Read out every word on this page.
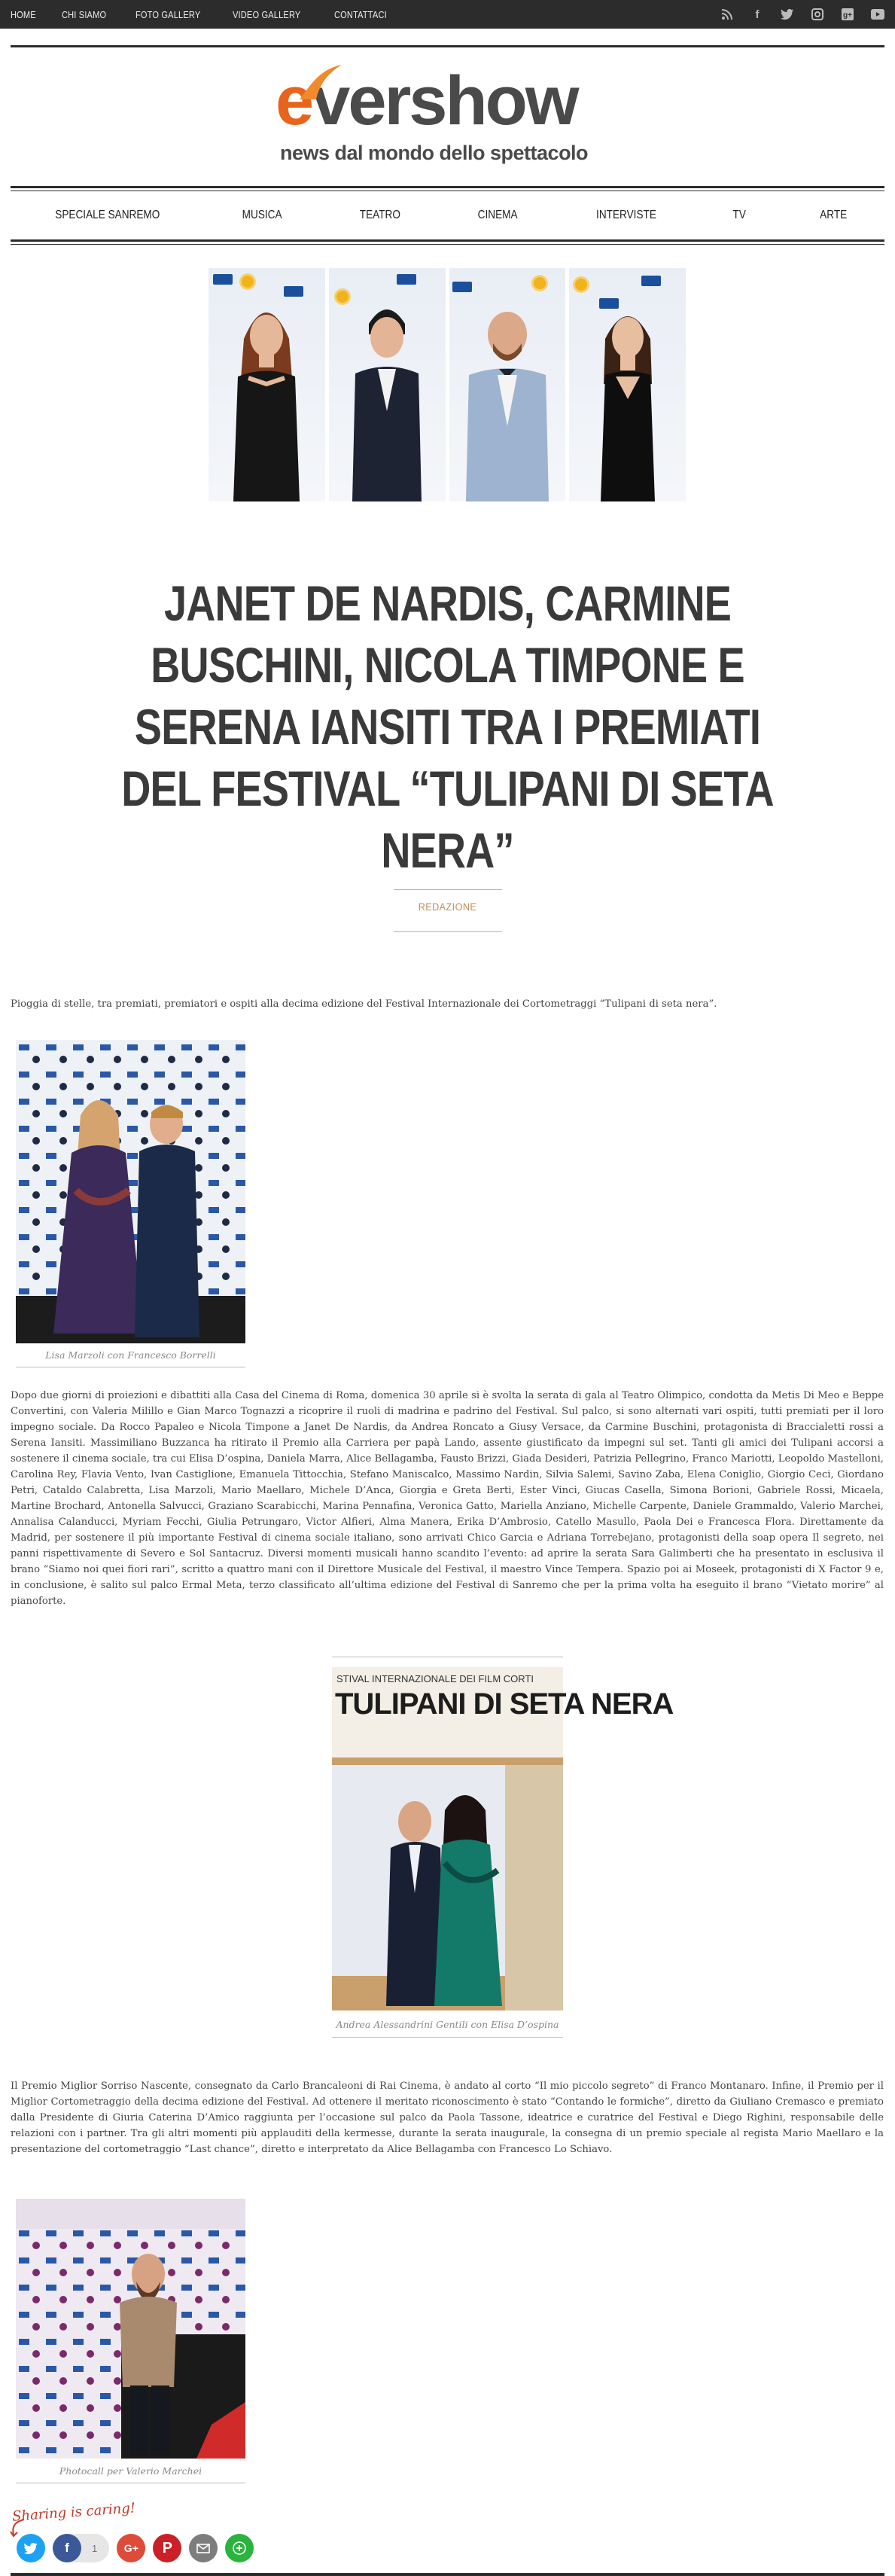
HOME	CHI SIAMO	FOTO GALLERY	VIDEO GALLERY	CONTATTACI	f	g+
evershow
news dal mondo dello spettacolo
SPECIALE SANREMO	MUSICA	TEATRO	CINEMA	INTERVISTE	TV	ARTE
JANET DE NARDIS, CARMINE BUSCHINI, NICOLA TIMPONE E SERENA IANSITI TRA I PREMIATI DEL FESTIVAL “TULIPANI DI SETA NERA”
REDAZIONE

Pioggia di stelle, tra premiati, premiatori e ospiti alla decima edizione del Festival Internazionale dei Cortometraggi “Tulipani di seta nera”.

Lisa Marzoli con Francesco Borrelli

Dopo due giorni di proiezioni e dibattiti alla Casa del Cinema di Roma, domenica 30 aprile si è svolta la serata di gala al Teatro Olimpico, condotta da Metis Di Meo e Beppe Convertini, con Valeria Milillo e Gian Marco Tognazzi a ricoprire il ruoli di madrina e padrino del Festival. Sul palco, si sono alternati vari ospiti, tutti premiati per il loro impegno sociale. Da Rocco Papaleo e Nicola Timpone a Janet De Nardis, da Andrea Roncato a Giusy Versace, da Carmine Buschini, protagonista di Braccialetti rossi a Serena Iansiti. Massimiliano Buzzanca ha ritirato il Premio alla Carriera per papà Lando, assente giustificato da impegni sul set. Tanti gli amici dei Tulipani accorsi a sostenere il cinema sociale, tra cui Elisa D’ospina, Daniela Marra, Alice Bellagamba, Fausto Brizzi, Giada Desideri, Patrizia Pellegrino, Franco Mariotti, Leopoldo Mastelloni, Carolina Rey, Flavia Vento, Ivan Castiglione, Emanuela Tittocchia, Stefano Maniscalco, Massimo Nardin, Silvia Salemi, Savino Zaba, Elena Coniglio, Giorgio Ceci, Giordano Petri, Cataldo Calabretta, Lisa Marzoli, Mario Maellaro, Michele D’Anca, Giorgia e Greta Berti, Ester Vinci, Giucas Casella, Simona Borioni, Gabriele Rossi, Micaela, Martine Brochard, Antonella Salvucci, Graziano Scarabicchi, Marina Pennafina, Veronica Gatto, Mariella Anziano, Michelle Carpente, Daniele Grammaldo, Valerio Marchei, Annalisa Calanducci, Myriam Fecchi, Giulia Petrungaro, Victor Alfieri, Alma Manera, Erika D’Ambrosio, Catello Masullo, Paola Dei e Francesca Flora. Direttamente da Madrid, per sostenere il più importante Festival di cinema sociale italiano, sono arrivati Chico Garcia e Adriana Torrebejano, protagonisti della soap opera Il segreto, nei panni rispettivamente di Severo e Sol Santacruz. Diversi momenti musicali hanno scandito l’evento: ad aprire la serata Sara Galimberti che ha presentato in esclusiva il brano “Siamo noi quei fiori rari”, scritto a quattro mani con il Direttore Musicale del Festival, il maestro Vince Tempera. Spazio poi ai Moseek, protagonisti di X Factor 9 e, in conclusione, è salito sul palco Ermal Meta, terzo classificato all’ultima edizione del Festival di Sanremo che per la prima volta ha eseguito il brano “Vietato morire” al pianoforte.

STIVAL INTERNAZIONALE DEI FILM CORTI
TULIPANI DI SETA NERA
Andrea Alessandrini Gentili con Elisa D’ospina

Il Premio Miglior Sorriso Nascente, consegnato da Carlo Brancaleoni di Rai Cinema, è andato al corto “Il mio piccolo segreto” di Franco Montanaro. Infine, il Premio per il Miglior Cortometraggio della decima edizione del Festival. Ad ottenere il meritato riconoscimento è stato “Contando le formiche”, diretto da Giuliano Cremasco e premiato dalla Presidente di Giuria Caterina D’Amico raggiunta per l’occasione sul palco da Paola Tassone, ideatrice e curatrice del Festival e Diego Righini, responsabile delle relazioni con i partner. Tra gli altri momenti più applauditi della kermesse, durante la serata inaugurale, la consegna di un premio speciale al regista Mario Maellaro e la presentazione del cortometraggio “Last chance”, diretto e interpretato da Alice Bellagamba con Francesco Lo Schiavo.

Photocall per Valerio Marchei
Sharing is caring!
f 1	G+ P
